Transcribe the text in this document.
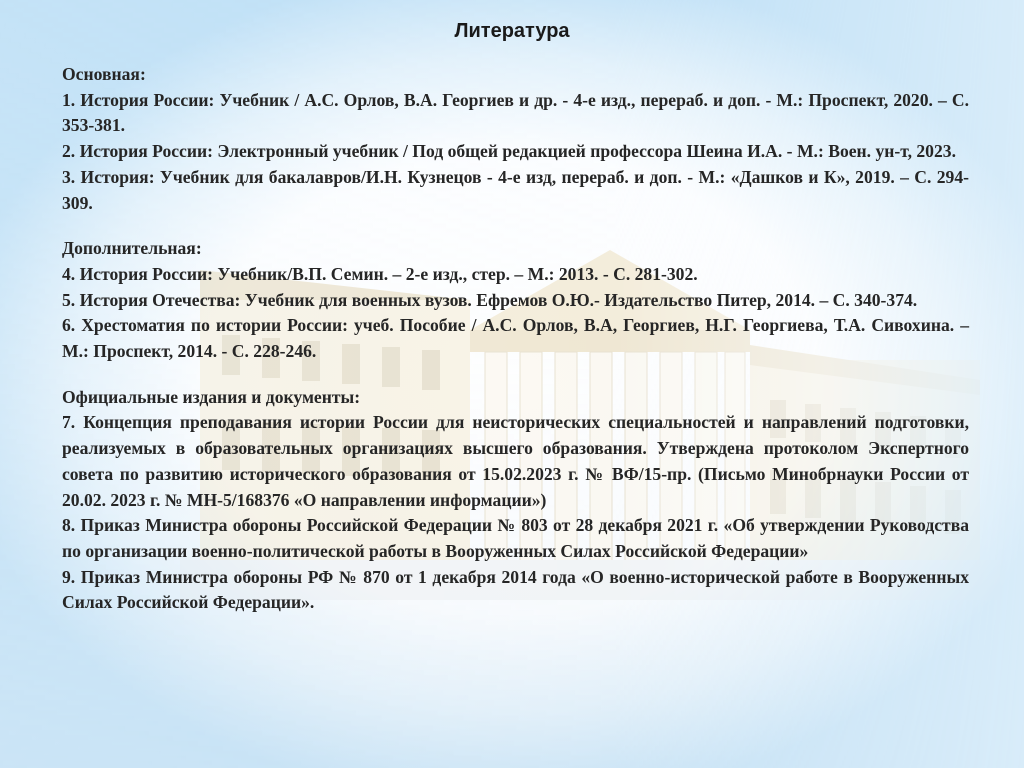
Литература

Основная:

1. История России: Учебник / А.С. Орлов, В.А. Георгиев и др. - 4-е изд., перераб. и доп. - М.: Проспект, 2020. – С. 353-381.

2. История России: Электронный учебник / Под общей редакцией профессора Шеина И.А. - М.: Воен. ун-т, 2023.

3. История: Учебник для бакалавров/И.Н. Кузнецов - 4-е изд, перераб. и доп. - М.: «Дашков и К», 2019. – С. 294-309.

Дополнительная:

4. История России: Учебник/В.П. Семин. – 2-е изд., стер. – М.: 2013. - С. 281-302.

5. История Отечества: Учебник для военных вузов. Ефремов О.Ю.- Издательство Питер, 2014. – С. 340-374.

6. Хрестоматия по истории России: учеб. Пособие / А.С. Орлов, В.А, Георгиев, Н.Г. Георгиева, Т.А. Сивохина. – М.: Проспект, 2014. - С. 228-246.

Официальные издания и документы:

7. Концепция преподавания истории России для неисторических специальностей и направлений подготовки, реализуемых в образовательных организациях высшего образования. Утверждена протоколом Экспертного совета по развитию исторического образования от 15.02.2023 г. № ВФ/15-пр. (Письмо Минобрнауки России от 20.02. 2023 г. № МН-5/168376 «О направлении информации»)

8. Приказ Министра обороны Российской Федерации № 803 от 28 декабря 2021 г. «Об утверждении Руководства по организации военно-политической работы в Вооруженных Силах Российской Федерации»

9. Приказ Министра обороны РФ № 870 от 1 декабря 2014 года «О военно-исторической работе в Вооруженных Силах Российской Федерации».
